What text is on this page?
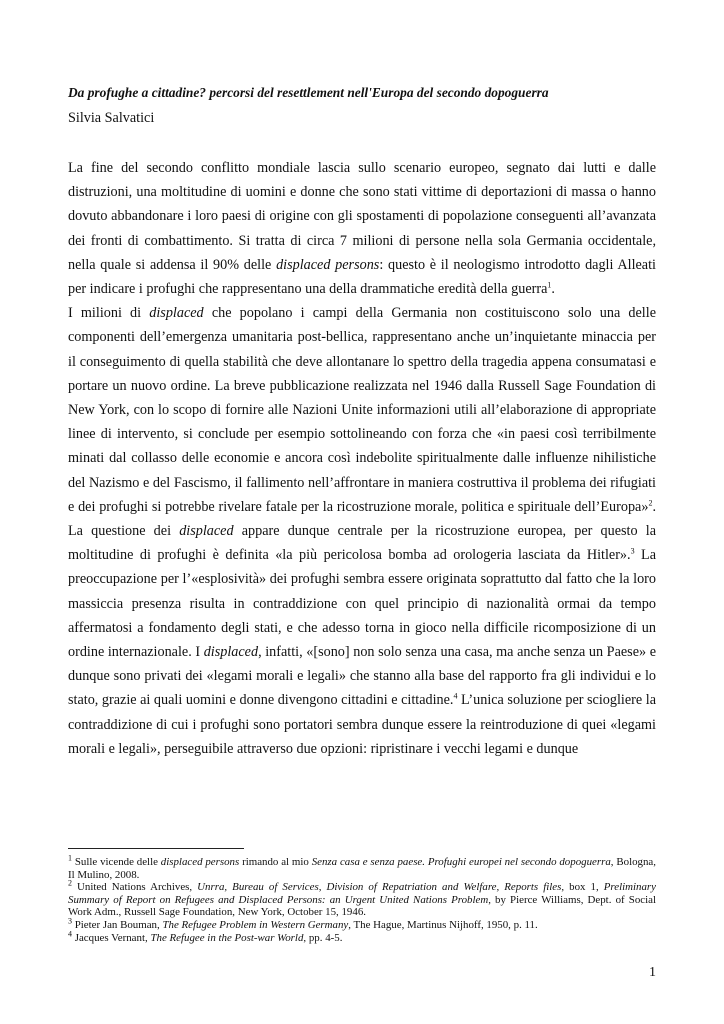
Da profughe a cittadine? percorsi del resettlement nell'Europa del secondo dopoguerra
Silvia Salvatici

La fine del secondo conflitto mondiale lascia sullo scenario europeo, segnato dai lutti e dalle distruzioni, una moltitudine di uomini e donne che sono stati vittime di deportazioni di massa o hanno dovuto abbandonare i loro paesi di origine con gli spostamenti di popolazione conseguenti all’avanzata dei fronti di combattimento. Si tratta di circa 7 milioni di persone nella sola Germania occidentale, nella quale si addensa il 90% delle displaced persons: questo è il neologismo introdotto dagli Alleati per indicare i profughi che rappresentano una della drammatiche eredità della guerra$^1$.

I milioni di displaced che popolano i campi della Germania non costituiscono solo una delle componenti dell’emergenza umanitaria post-bellica, rappresentano anche un’inquietante minaccia per il conseguimento di quella stabilità che deve allontanare lo spettro della tragedia appena consumatasi e portare un nuovo ordine. La breve pubblicazione realizzata nel 1946 dalla Russell Sage Foundation di New York, con lo scopo di fornire alle Nazioni Unite informazioni utili all’elaborazione di appropriate linee di intervento, si conclude per esempio sottolineando con forza che «in paesi così terribilmente minati dal collasso delle economie e ancora così indebolite spiritualmente dalle influenze nihilistiche del Nazismo e del Fascismo, il fallimento nell’affrontare in maniera costruttiva il problema dei rifugiati e dei profughi si potrebbe rivelare fatale per la ricostruzione morale, politica e spirituale dell’Europa»$^2$. La questione dei displaced appare dunque centrale per la ricostruzione europea, per questo la moltitudine di profughi è definita «la più pericolosa bomba ad orologeria lasciata da Hitler».$^3$ La preoccupazione per l’«esplosività» dei profughi sembra essere originata soprattutto dal fatto che la loro massiccia presenza risulta in contraddizione con quel principio di nazionalità ormai da tempo affermatosi a fondamento degli stati, e che adesso torna in gioco nella difficile ricomposizione di un ordine internazionale. I displaced, infatti, «[sono] non solo senza una casa, ma anche senza un Paese» e dunque sono privati dei «legami morali e legali» che stanno alla base del rapporto fra gli individui e lo stato, grazie ai quali uomini e donne divengono cittadini e cittadine.$^4$ L’unica soluzione per sciogliere la contraddizione di cui i profughi sono portatori sembra dunque essere la reintroduzione di quei «legami morali e legali», perseguibile attraverso due opzioni: ripristinare i vecchi legami e dunque

$^1$ Sulle vicende delle displaced persons rimando al mio Senza casa e senza paese. Profughi europei nel secondo dopoguerra, Bologna, Il Mulino, 2008.

$^2$ United Nations Archives, Unrra, Bureau of Services, Division of Repatriation and Welfare, Reports files, box 1, Preliminary Summary of Report on Refugees and Displaced Persons: an Urgent United Nations Problem, by Pierce Williams, Dept. of Social Work Adm., Russell Sage Foundation, New York, October 15, 1946.

$^3$ Pieter Jan Bouman, The Refugee Problem in Western Germany, The Hague, Martinus Nijhoff, 1950, p. 11.

$^4$ Jacques Vernant, The Refugee in the Post-war World, pp. 4-5.

1
